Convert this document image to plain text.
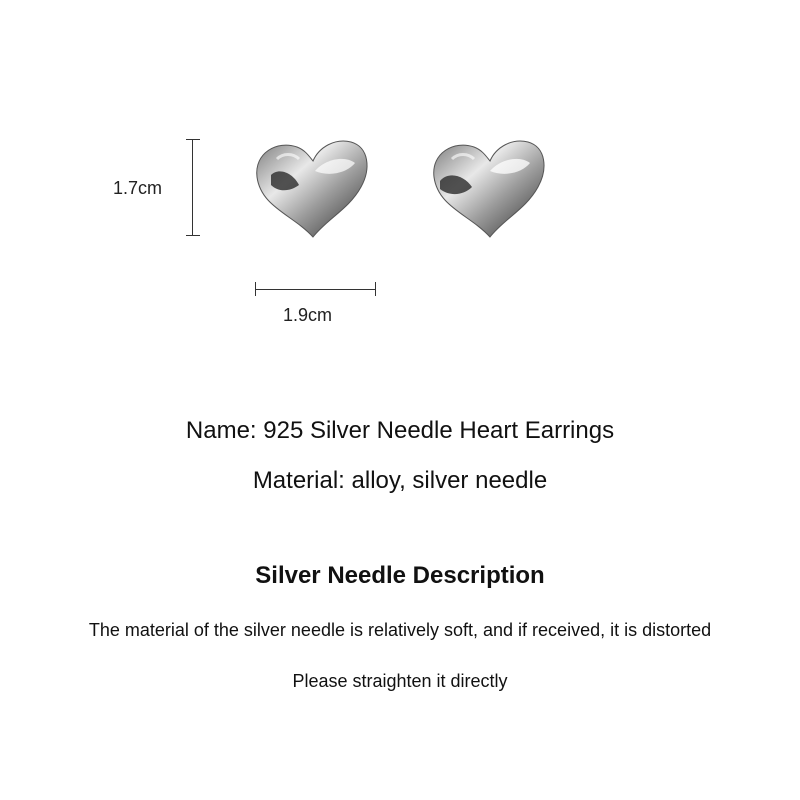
1.7cm
1.9cm
Name: 925 Silver Needle Heart Earrings
Material: alloy, silver needle
Silver Needle Description
The material of the silver needle is relatively soft, and if received, it is distorted
Please straighten it directly
